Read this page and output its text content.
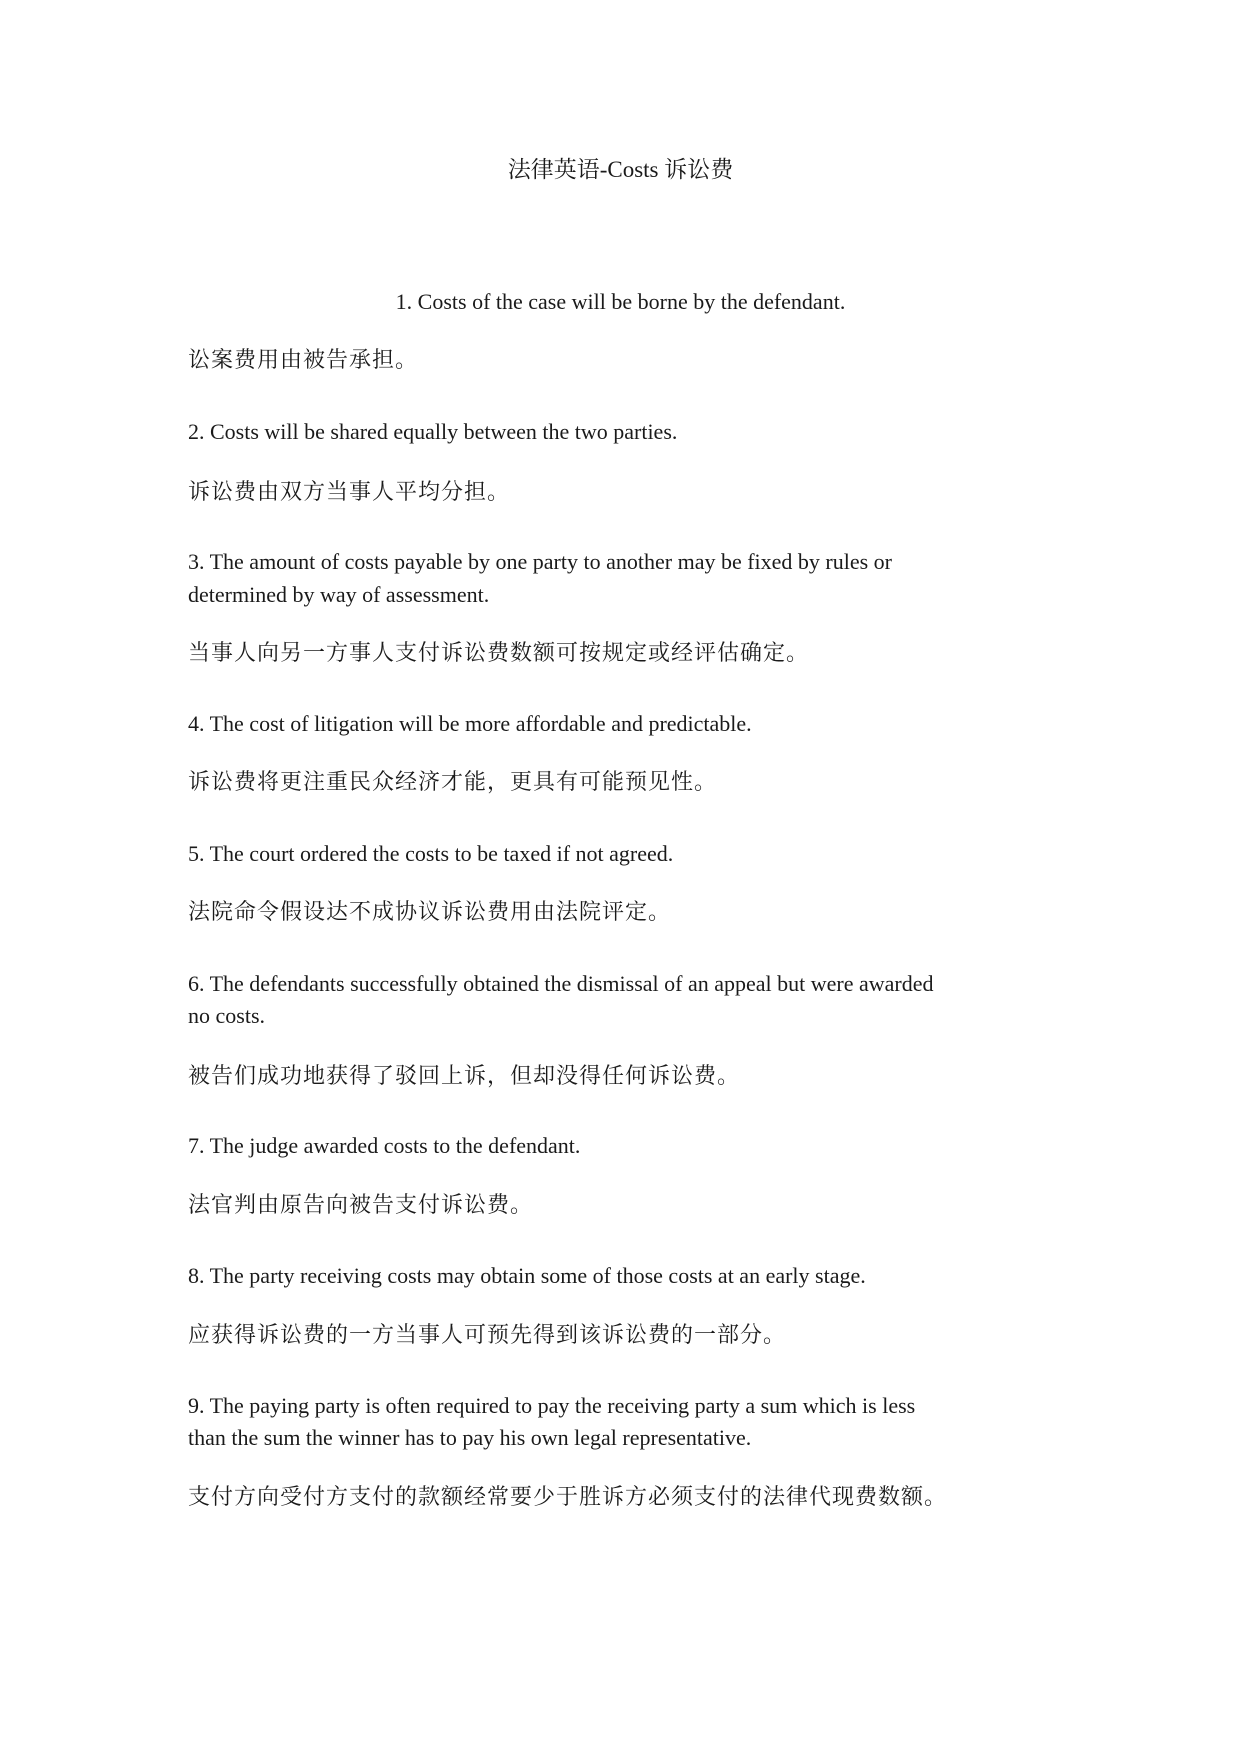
法律英语-Costs 诉讼费
1. Costs of the case will be borne by the defendant.
讼案费用由被告承担。
2. Costs will be shared equally between the two parties.
诉讼费由双方当事人平均分担。
3. The amount of costs payable by one party to another may be fixed by rules or
determined by way of assessment.
当事人向另一方事人支付诉讼费数额可按规定或经评估确定。
4. The cost of litigation will be more affordable and predictable.
诉讼费将更注重民众经济才能，更具有可能预见性。
5. The court ordered the costs to be taxed if not agreed.
法院命令假设达不成协议诉讼费用由法院评定。
6. The defendants successfully obtained the dismissal of an appeal but were awarded
no costs.
被告们成功地获得了驳回上诉，但却没得任何诉讼费。
7. The judge awarded costs to the defendant.
法官判由原告向被告支付诉讼费。
8. The party receiving costs may obtain some of those costs at an early stage.
应获得诉讼费的一方当事人可预先得到该诉讼费的一部分。
9. The paying party is often required to pay the receiving party a sum which is less
than the sum the winner has to pay his own legal representative.
支付方向受付方支付的款额经常要少于胜诉方必须支付的法律代现费数额。
